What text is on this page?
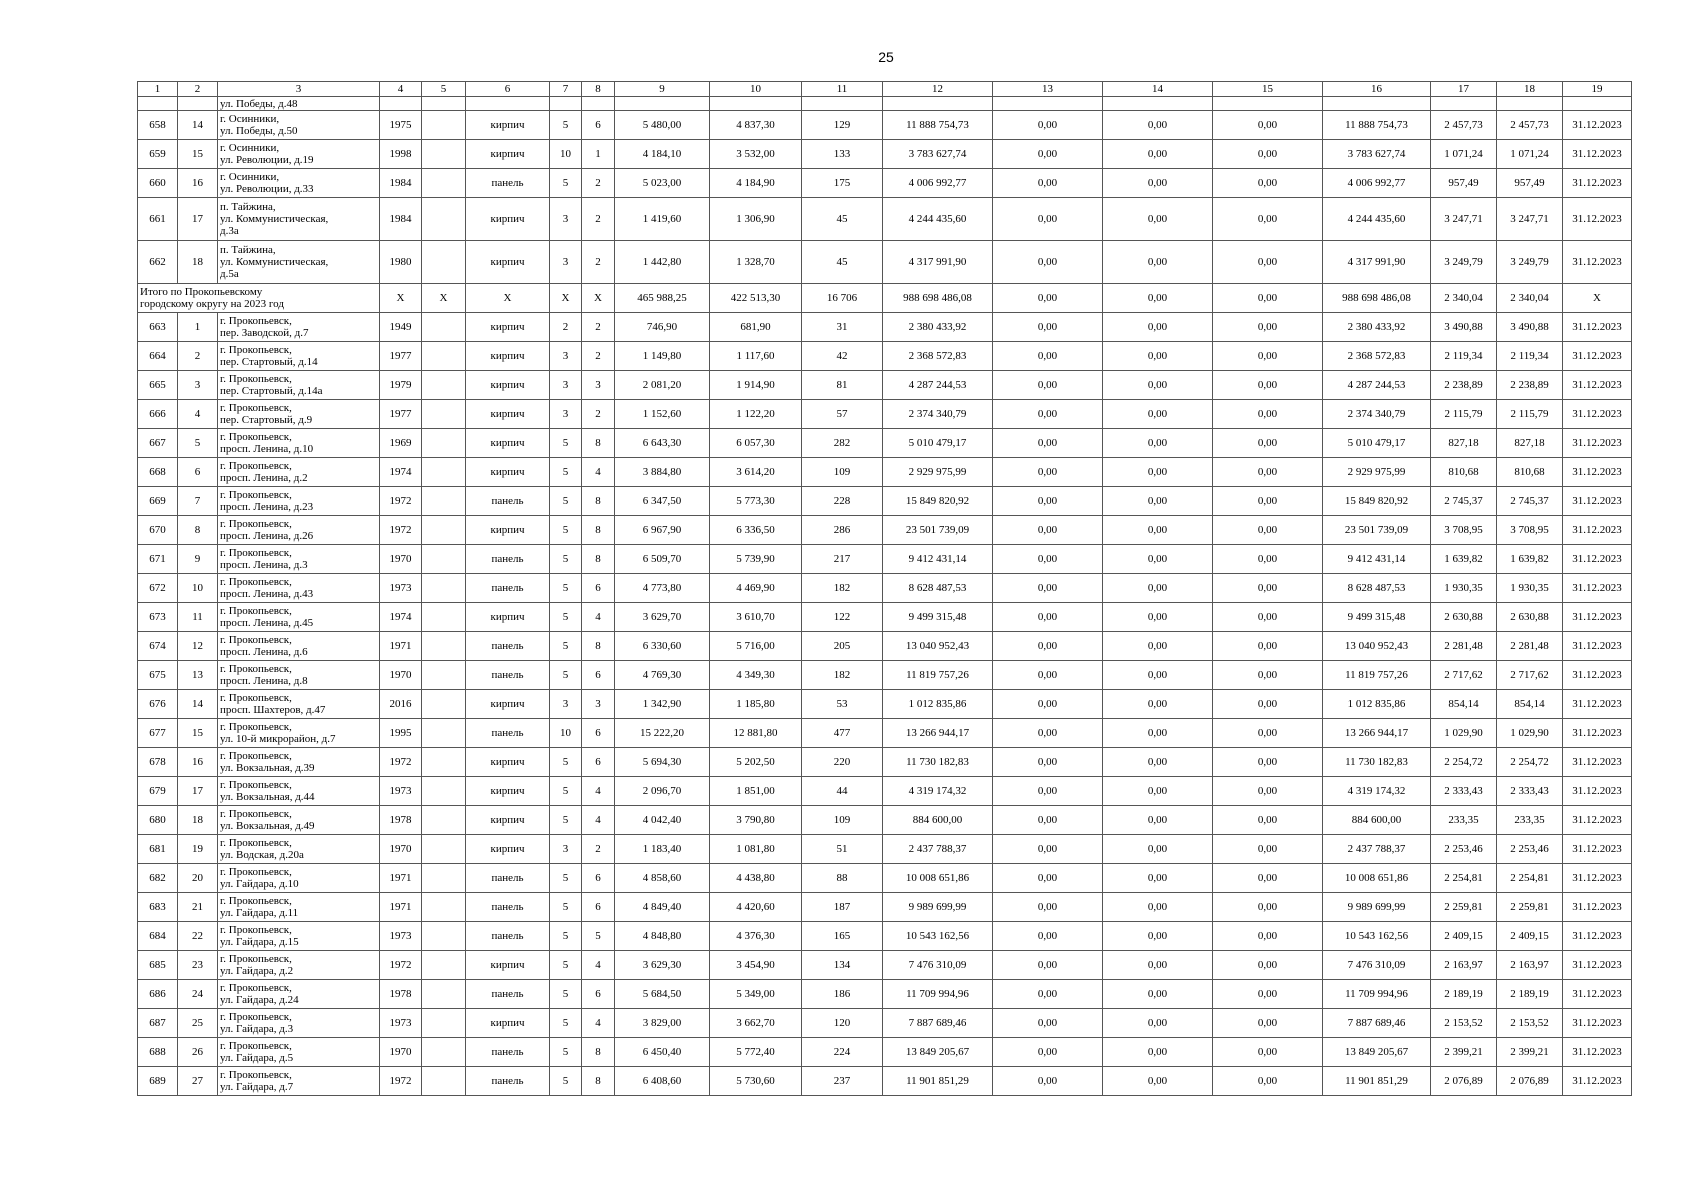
25
1	2	3	4	5	6	7	8	9	10	11	12	13	14	15	16	17	18	19
		ул. Победы, д.48																
658	14	г. Осинники,
ул. Победы, д.50	1975		кирпич	5	6	5 480,00	4 837,30	129	11 888 754,73	0,00	0,00	0,00	11 888 754,73	2 457,73	2 457,73	31.12.2023
659	15	г. Осинники,
ул. Революции, д.19	1998		кирпич	10	1	4 184,10	3 532,00	133	3 783 627,74	0,00	0,00	0,00	3 783 627,74	1 071,24	1 071,24	31.12.2023
660	16	г. Осинники,
ул. Революции, д.33	1984		панель	5	2	5 023,00	4 184,90	175	4 006 992,77	0,00	0,00	0,00	4 006 992,77	957,49	957,49	31.12.2023
661	17	п. Тайжина,
ул. Коммунистическая,
д.3а	1984		кирпич	3	2	1 419,60	1 306,90	45	4 244 435,60	0,00	0,00	0,00	4 244 435,60	3 247,71	3 247,71	31.12.2023
662	18	п. Тайжина,
ул. Коммунистическая,
д.5а	1980		кирпич	3	2	1 442,80	1 328,70	45	4 317 991,90	0,00	0,00	0,00	4 317 991,90	3 249,79	3 249,79	31.12.2023
Итого по Прокопьевскому
городскому округу на 2023 год			X	X	X	X	X	465 988,25	422 513,30	16 706	988 698 486,08	0,00	0,00	0,00	988 698 486,08	2 340,04	2 340,04	X
663	1	г. Прокопьевск,
пер. Заводской, д.7	1949		кирпич	2	2	746,90	681,90	31	2 380 433,92	0,00	0,00	0,00	2 380 433,92	3 490,88	3 490,88	31.12.2023
664	2	г. Прокопьевск,
пер. Стартовый, д.14	1977		кирпич	3	2	1 149,80	1 117,60	42	2 368 572,83	0,00	0,00	0,00	2 368 572,83	2 119,34	2 119,34	31.12.2023
665	3	г. Прокопьевск,
пер. Стартовый, д.14а	1979		кирпич	3	3	2 081,20	1 914,90	81	4 287 244,53	0,00	0,00	0,00	4 287 244,53	2 238,89	2 238,89	31.12.2023
666	4	г. Прокопьевск,
пер. Стартовый, д.9	1977		кирпич	3	2	1 152,60	1 122,20	57	2 374 340,79	0,00	0,00	0,00	2 374 340,79	2 115,79	2 115,79	31.12.2023
667	5	г. Прокопьевск,
просп. Ленина, д.10	1969		кирпич	5	8	6 643,30	6 057,30	282	5 010 479,17	0,00	0,00	0,00	5 010 479,17	827,18	827,18	31.12.2023
668	6	г. Прокопьевск,
просп. Ленина, д.2	1974		кирпич	5	4	3 884,80	3 614,20	109	2 929 975,99	0,00	0,00	0,00	2 929 975,99	810,68	810,68	31.12.2023
669	7	г. Прокопьевск,
просп. Ленина, д.23	1972		панель	5	8	6 347,50	5 773,30	228	15 849 820,92	0,00	0,00	0,00	15 849 820,92	2 745,37	2 745,37	31.12.2023
670	8	г. Прокопьевск,
просп. Ленина, д.26	1972		кирпич	5	8	6 967,90	6 336,50	286	23 501 739,09	0,00	0,00	0,00	23 501 739,09	3 708,95	3 708,95	31.12.2023
671	9	г. Прокопьевск,
просп. Ленина, д.3	1970		панель	5	8	6 509,70	5 739,90	217	9 412 431,14	0,00	0,00	0,00	9 412 431,14	1 639,82	1 639,82	31.12.2023
672	10	г. Прокопьевск,
просп. Ленина, д.43	1973		панель	5	6	4 773,80	4 469,90	182	8 628 487,53	0,00	0,00	0,00	8 628 487,53	1 930,35	1 930,35	31.12.2023
673	11	г. Прокопьевск,
просп. Ленина, д.45	1974		кирпич	5	4	3 629,70	3 610,70	122	9 499 315,48	0,00	0,00	0,00	9 499 315,48	2 630,88	2 630,88	31.12.2023
674	12	г. Прокопьевск,
просп. Ленина, д.6	1971		панель	5	8	6 330,60	5 716,00	205	13 040 952,43	0,00	0,00	0,00	13 040 952,43	2 281,48	2 281,48	31.12.2023
675	13	г. Прокопьевск,
просп. Ленина, д.8	1970		панель	5	6	4 769,30	4 349,30	182	11 819 757,26	0,00	0,00	0,00	11 819 757,26	2 717,62	2 717,62	31.12.2023
676	14	г. Прокопьевск,
просп. Шахтеров, д.47	2016		кирпич	3	3	1 342,90	1 185,80	53	1 012 835,86	0,00	0,00	0,00	1 012 835,86	854,14	854,14	31.12.2023
677	15	г. Прокопьевск,
ул. 10-й микрорайон, д.7	1995		панель	10	6	15 222,20	12 881,80	477	13 266 944,17	0,00	0,00	0,00	13 266 944,17	1 029,90	1 029,90	31.12.2023
678	16	г. Прокопьевск,
ул. Вокзальная, д.39	1972		кирпич	5	6	5 694,30	5 202,50	220	11 730 182,83	0,00	0,00	0,00	11 730 182,83	2 254,72	2 254,72	31.12.2023
679	17	г. Прокопьевск,
ул. Вокзальная, д.44	1973		кирпич	5	4	2 096,70	1 851,00	44	4 319 174,32	0,00	0,00	0,00	4 319 174,32	2 333,43	2 333,43	31.12.2023
680	18	г. Прокопьевск,
ул. Вокзальная, д.49	1978		кирпич	5	4	4 042,40	3 790,80	109	884 600,00	0,00	0,00	0,00	884 600,00	233,35	233,35	31.12.2023
681	19	г. Прокопьевск,
ул. Водская, д.20а	1970		кирпич	3	2	1 183,40	1 081,80	51	2 437 788,37	0,00	0,00	0,00	2 437 788,37	2 253,46	2 253,46	31.12.2023
682	20	г. Прокопьевск,
ул. Гайдара, д.10	1971		панель	5	6	4 858,60	4 438,80	88	10 008 651,86	0,00	0,00	0,00	10 008 651,86	2 254,81	2 254,81	31.12.2023
683	21	г. Прокопьевск,
ул. Гайдара, д.11	1971		панель	5	6	4 849,40	4 420,60	187	9 989 699,99	0,00	0,00	0,00	9 989 699,99	2 259,81	2 259,81	31.12.2023
684	22	г. Прокопьевск,
ул. Гайдара, д.15	1973		панель	5	5	4 848,80	4 376,30	165	10 543 162,56	0,00	0,00	0,00	10 543 162,56	2 409,15	2 409,15	31.12.2023
685	23	г. Прокопьевск,
ул. Гайдара, д.2	1972		кирпич	5	4	3 629,30	3 454,90	134	7 476 310,09	0,00	0,00	0,00	7 476 310,09	2 163,97	2 163,97	31.12.2023
686	24	г. Прокопьевск,
ул. Гайдара, д.24	1978		панель	5	6	5 684,50	5 349,00	186	11 709 994,96	0,00	0,00	0,00	11 709 994,96	2 189,19	2 189,19	31.12.2023
687	25	г. Прокопьевск,
ул. Гайдара, д.3	1973		кирпич	5	4	3 829,00	3 662,70	120	7 887 689,46	0,00	0,00	0,00	7 887 689,46	2 153,52	2 153,52	31.12.2023
688	26	г. Прокопьевск,
ул. Гайдара, д.5	1970		панель	5	8	6 450,40	5 772,40	224	13 849 205,67	0,00	0,00	0,00	13 849 205,67	2 399,21	2 399,21	31.12.2023
689	27	г. Прокопьевск,
ул. Гайдара, д.7	1972		панель	5	8	6 408,60	5 730,60	237	11 901 851,29	0,00	0,00	0,00	11 901 851,29	2 076,89	2 076,89	31.12.2023
